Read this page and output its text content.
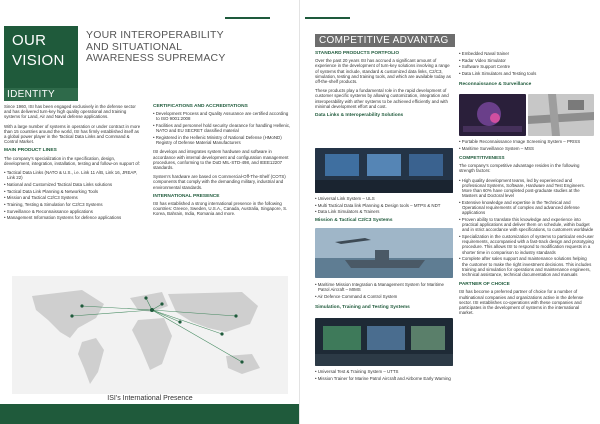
OUR
VISION
YOUR INTEROPERABILITY
AND SITUATIONAL
AWARENESS SUPREMACY
IDENTITY

Since 1960, ISI has been engaged exclusively in the defense sector and has delivered turn-key high quality operational and training systems for Land, Air and Naval defense applications.

With a large number of systems in operation or under contract in more than 15 countries around the world, ISI has firmly established itself as a global power player in the Tactical Data Links and Command & Control Market.

MAIN PRODUCT LINES

The company's specialization in the specification, design, development, integration, installation, testing and follow-on support of:

• Tactical Data Links (NATO & U.S., i.e. Link 11 A/B, Link 16, JREAP, Link 22)
• National and Customized Tactical Data Links solutions
• Tactical Data Link Planning & Networking Tools
• Mission and Tactical C2/C3 Systems
• Training, Testing & Simulation for C2/C3 Systems
• Surveillance & Reconnaissance applications
• Management Information Systems for defence applications
CERTIFICATIONS AND ACCREDITATIONS
• Development Process and Quality Assurance are certified according to ISO 9001:2008
• Facilities and personnel hold security clearance for handling Hellenic, NATO and EU SECRET classified material
• Registered in the Hellenic Ministry of National Defense (HMoND) Registry of Defense Material Manufacturers

ISI develops and integrates system hardware and software in accordance with internal development and configuration management procedures, conforming to the DoD MIL-STD-498, and IEEE12207 standards.

System's hardware are based on Commercial-Off-The-Shelf (COTS) components that comply with the demanding military, industrial and environmental standards.

INTERNATIONAL PRESENCE

ISI has established a strong international presence in the following countries: Greece, Sweden, U.S.A., Canada, Australia, Singapore, S. Korea, Bahrain, India, Romania and more.

ISI's International Presence
COMPETITIVE ADVANTAG
STANDARD PRODUCTS PORTFOLIO

Over the past 20 years ISI has accrued a significant amount of experience in the development of turn-key solutions involving a range of systems that include, standard & customized data links, C2/C3, simulation, testing and training tools, and which are available today as off-the-shelf products.

These products play a fundamental role in the rapid development of customer specific systems by allowing customization, integration and interoperability with other systems to be achieved efficiently and with minimal development effort and cost.

Data Links & Interoperability Solutions
• Universal Link System – ULS
• Multi Tactical Data link Planning & Design tools – MTPS & NDT
• Data Link Simulators & Trainers
Mission & Tactical C2/C3 Systems
• Maritime Mission Integration & Management System for Maritime Patrol Aircraft – MIMS
• Air Defence Command & Control System
Simulation, Training and Testing Systems
• Universal Test & Training System – UTTS
• Mission Trainer for Marine Patrol Aircraft and Airborne Early Warning
• Embedded Naval trainer
• Radar Video Simulator
• Software Support Centre
• Data Link Simulators and Testing tools
Reconnaissance & Surveillance
• Portable Reconnaissance Image Screening System – PRISS
• Maritime Surveillance System – MSS
COMPETITIVENESS

The company's competitive advantage resides in the following strength factors:

• High quality development teams, led by experienced and professional Systems, Software, Hardware and Test Engineers. More than 60% have completed post-graduate studies at the Masters and Doctoral level
• Extensive knowledge and expertise in the Technical and Operational requirements of complex and advanced defense applications
• Proven ability to translate this knowledge and experience into practical applications and deliver them on schedule, within budget and in strict accordance with specifications, to customers worldwide
• Specialization in the customization of systems to particular end-user requirements, accompanied with a fast-track design and prototyping procedure. This allows ISI to respond to modification requests in a shorter time in comparison to industry standards
• Complete after sales support and maintenance solutions helping the customer to make the right investment decisions. This includes training and simulation for operations and maintenance engineers, technical assistance, technical documentation and manuals
PARTNER OF CHOICE

ISI has become a preferred partner of choice for a number of multinational companies and organizations active in the defense sector. ISI establishes co-operations with these companies and participates in the development of systems in the international market.
